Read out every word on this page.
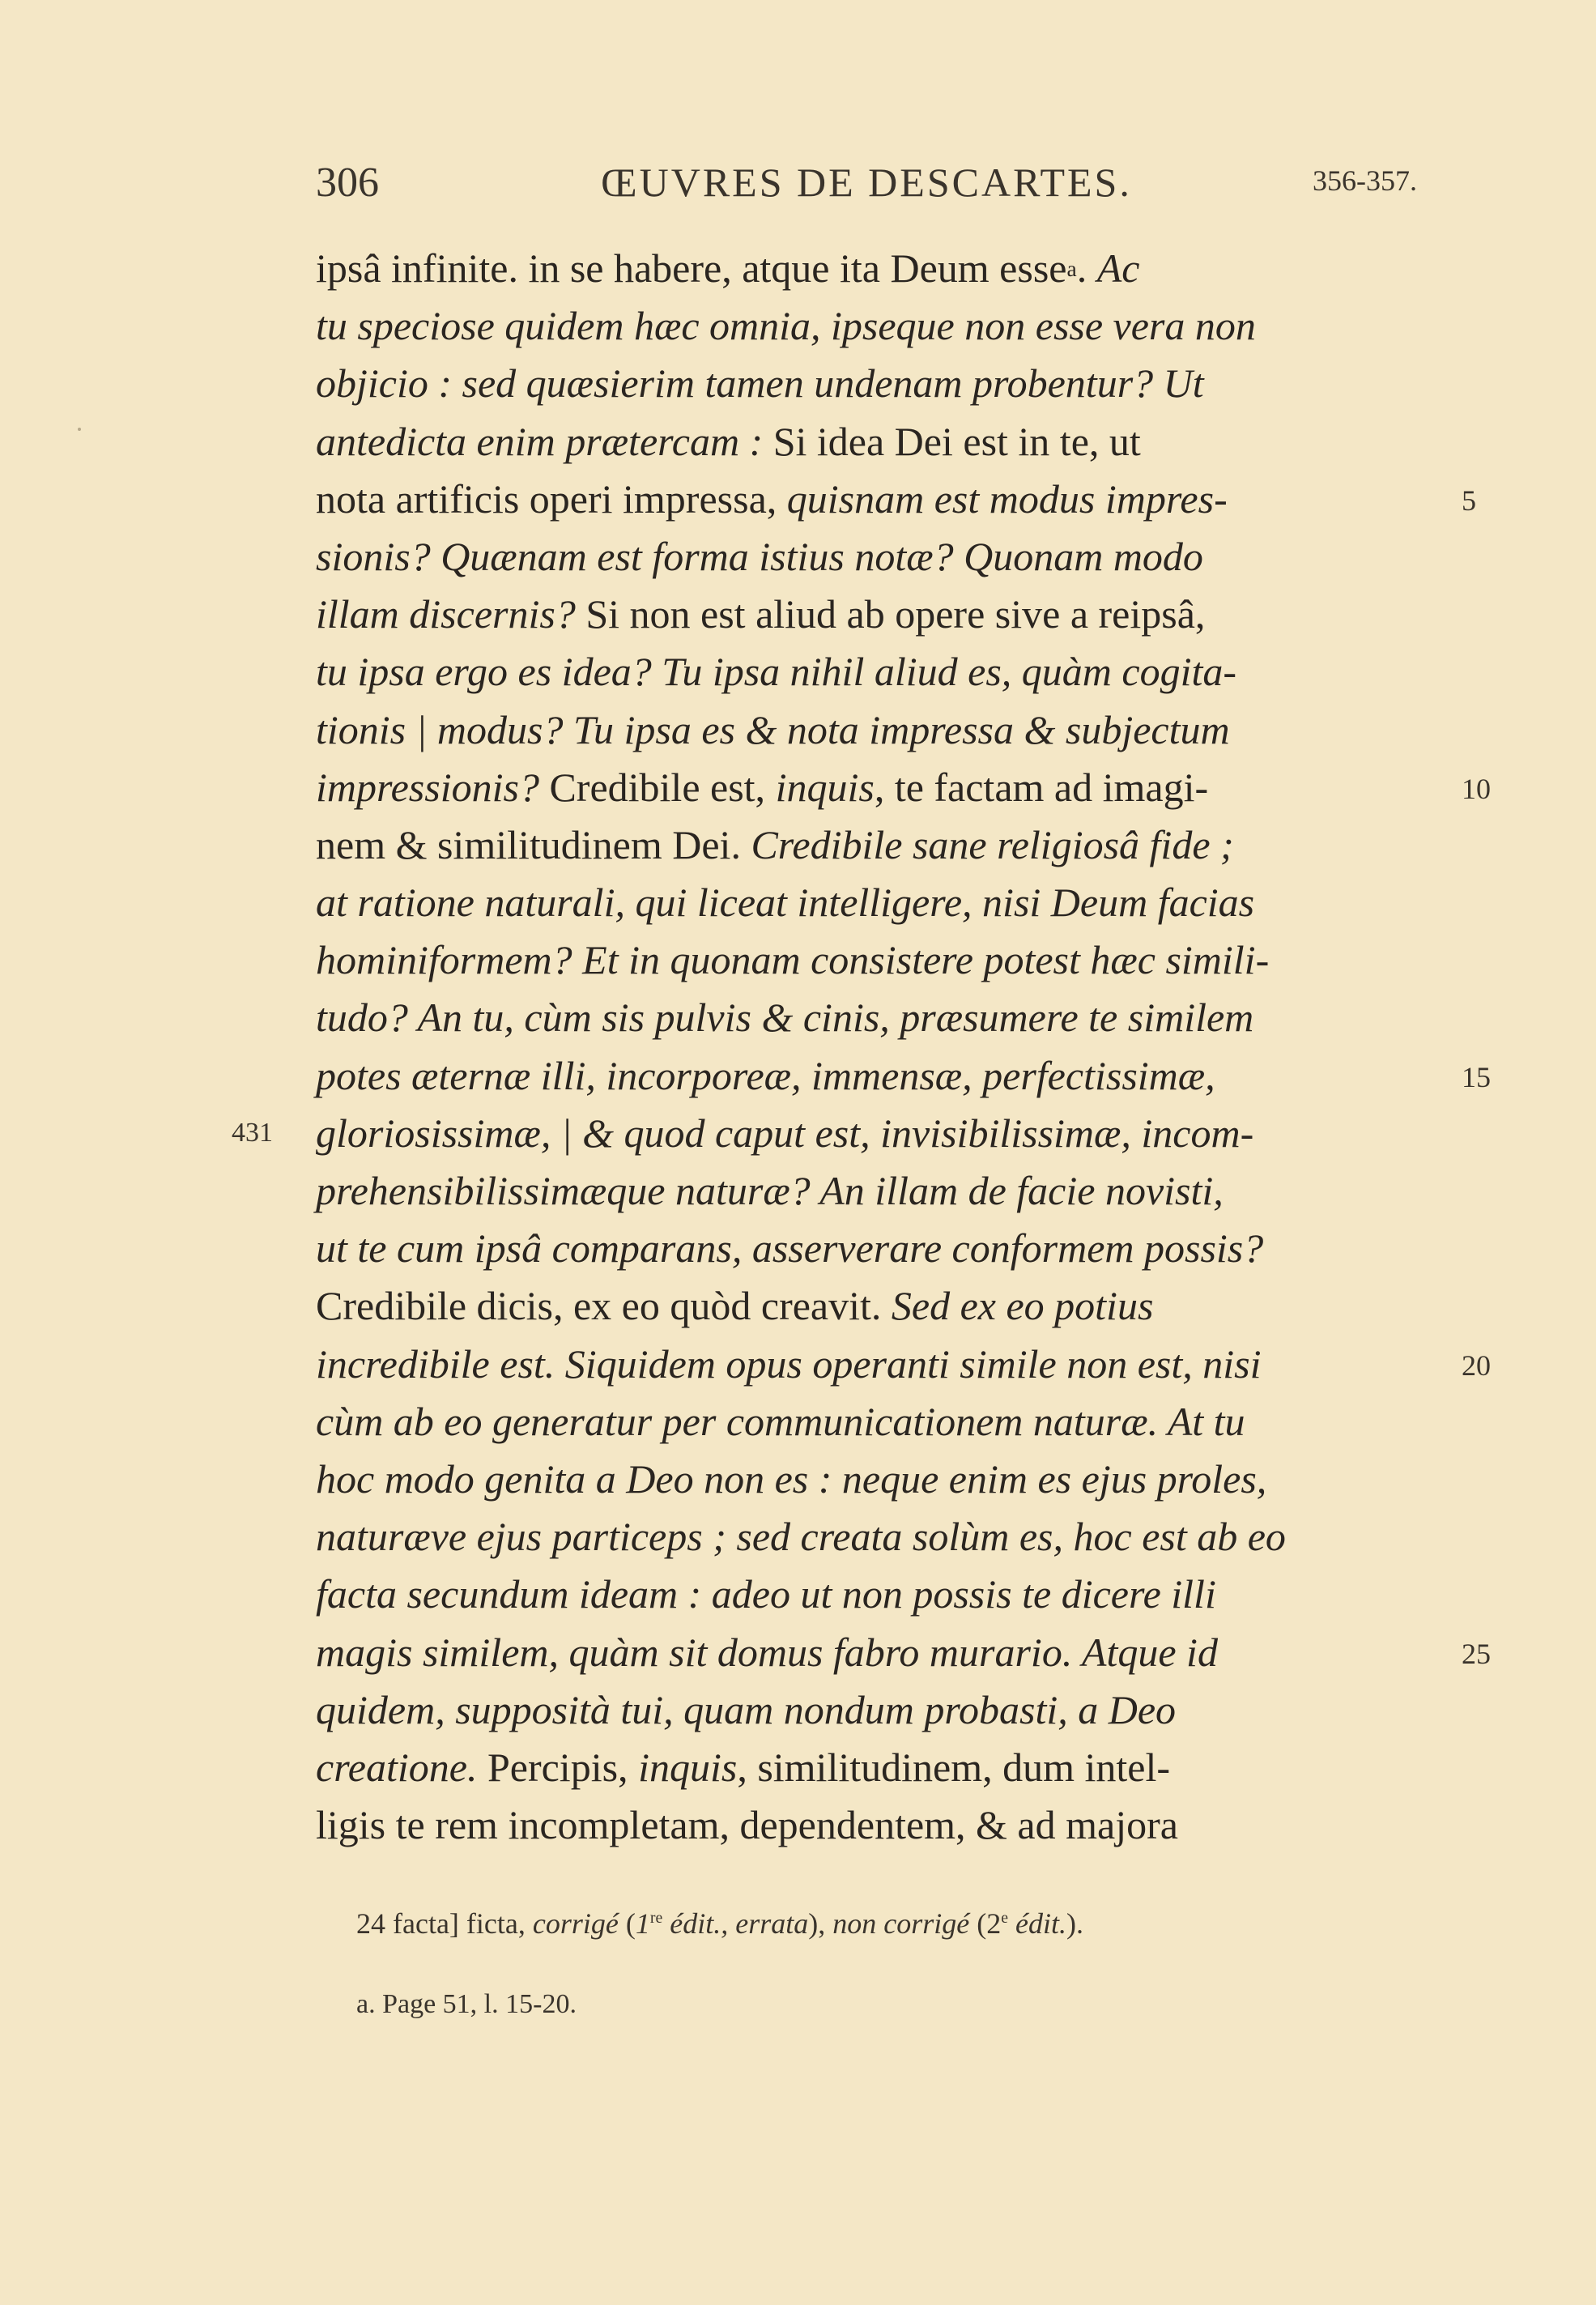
306	ŒUVRES DE DESCARTES.	356-357.
ipsâ infinite. in se habere, atque ita Deum esse a . Ac
tu speciose quidem hæc omnia, ipseque non esse vera non
objicio : sed quæsierim tamen undenam probentur? Ut
antedicta enim prætercam : Si idea Dei est in te, ut
nota artificis operi impressa, quisnam est modus impres-
sionis? Quænam est forma istius notæ? Quonam modo
illam discernis? Si non est aliud ab opere sive a reipsâ,
tu ipsa ergo es idea? Tu ipsa nihil aliud es, quàm cogita-
tionis | modus? Tu ipsa es & nota impressa & subjectum
impressionis? Credibile est, inquis , te factam ad imagi-
nem & similitudinem Dei. Credibile sane religiosâ fide ;
at ratione naturali, qui liceat intelligere, nisi Deum facias
hominiformem? Et in quonam consistere potest hæc simili-
tudo? An tu, cùm sis pulvis & cinis, præsumere te similem
potes æternæ illi, incorporeæ, immensæ, perfectissimæ,
gloriosissimæ, | & quod caput est, invisibilissimæ, incom-
prehensibilissimæque naturæ? An illam de facie novisti,
ut te cum ipsâ comparans, asserverare conformem possis?
Credibile dicis, ex eo quòd creavit. Sed ex eo potius
incredibile est. Siquidem opus operanti simile non est, nisi
cùm ab eo generatur per communicationem naturæ. At tu
hoc modo genita a Deo non es : neque enim es ejus proles,
naturæve ejus particeps ; sed creata solùm es, hoc est ab eo
facta secundum ideam : adeo ut non possis te dicere illi
magis similem, quàm sit domus fabro murario. Atque id
quidem, supposità tui, quam nondum probasti, a Deo
creatione. Percipis, inquis , similitudinem, dum intel-
ligis te rem incompletam, dependentem, & ad majora
5
10
15
20
25
431
24 facta] ficta, corrigé (1re édit., errata), non corrigé (2e édit.).
a. Page 51, l. 15-20.
